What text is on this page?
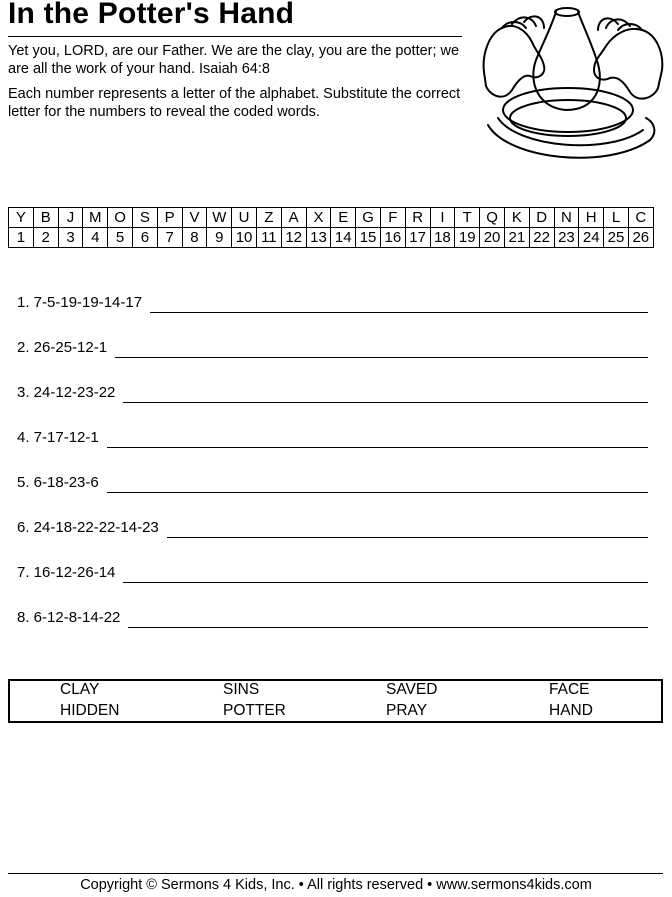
In the Potter's Hand

Yet you, LORD, are our Father. We are the clay, you are the potter; we are all the work of your hand. Isaiah 64:8

Each number represents a letter of the alphabet. Substitute the correct letter for the numbers to reveal the coded words.

Y	B	J	M	O	S	P	V	W	U	Z	A	X	E	G	F	R	I	T	Q	K	D	N	H	L	C
1	2	3	4	5	6	7	8	9	10	11	12	13	14	15	16	17	18	19	20	21	22	23	24	25	26
1. 7-5-19-19-14-17
2. 26-25-12-1
3. 24-12-23-22
4. 7-17-12-1
5. 6-18-23-6
6. 24-18-22-22-14-23
7. 16-12-26-14
8. 6-12-8-14-22
CLAY	SINS	SAVED	FACE
HIDDEN	POTTER	PRAY	HAND
Copyright © Sermons 4 Kids, Inc. • All rights reserved • www.sermons4kids.com
